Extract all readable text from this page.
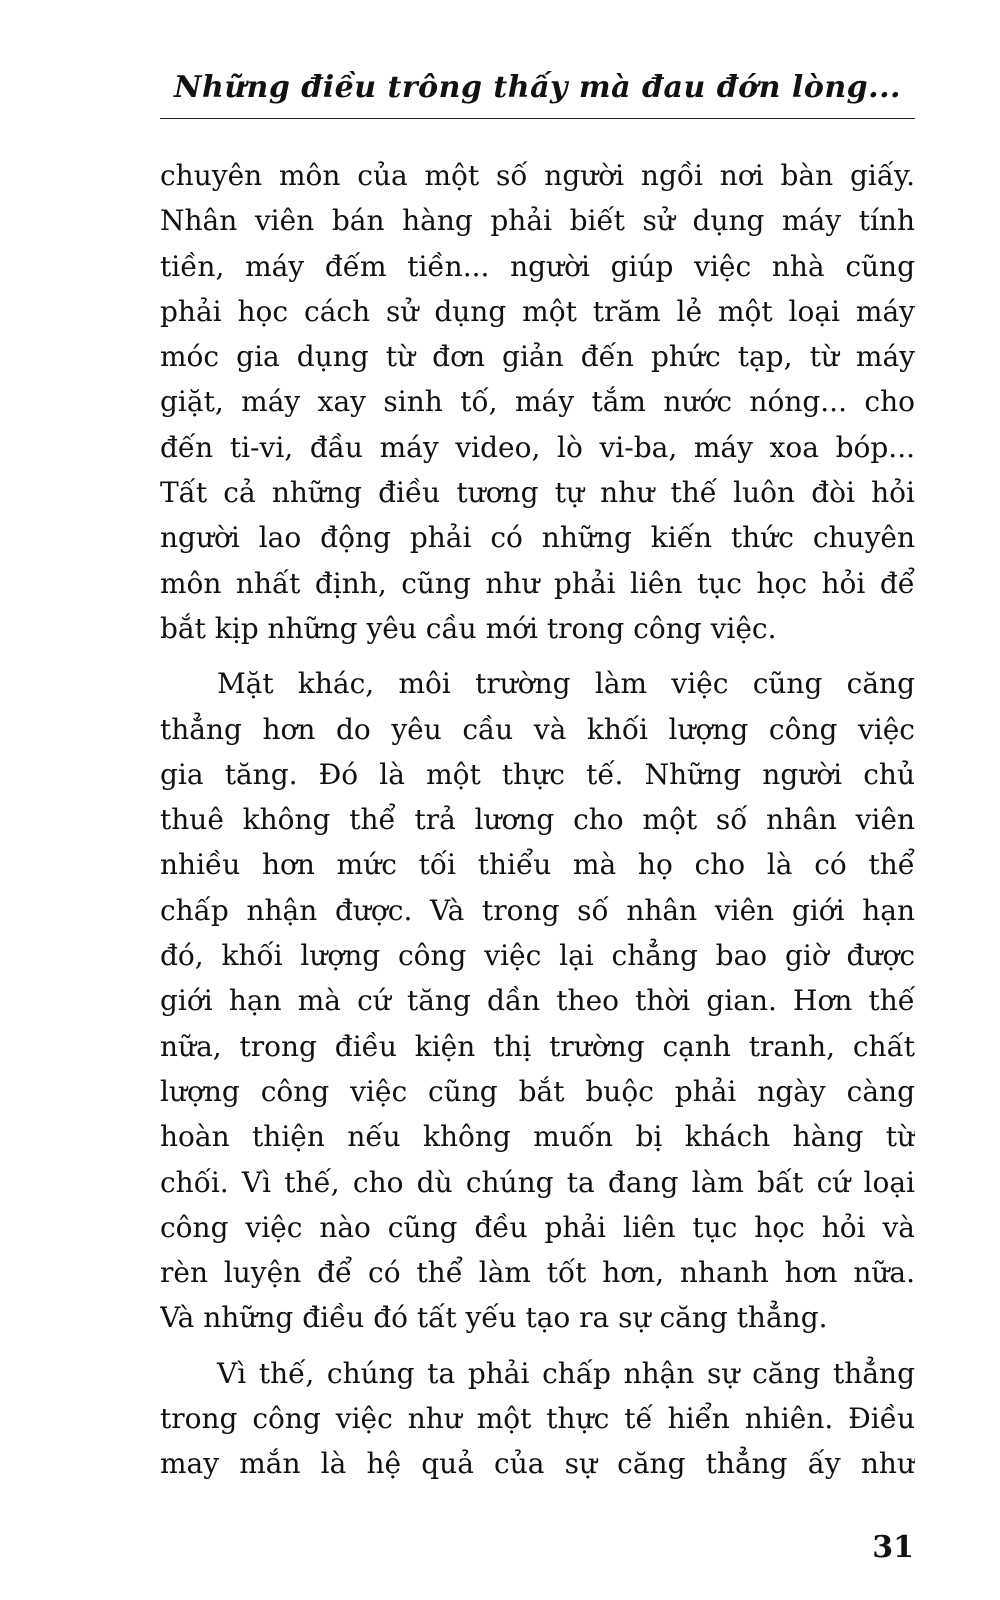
Những điều trông thấy mà đau đớn lòng...

chuyên môn của một số người ngồi nơi bàn giấy.
Nhân viên bán hàng phải biết sử dụng máy tính
tiền, máy đếm tiền... người giúp việc nhà cũng
phải học cách sử dụng một trăm lẻ một loại máy
móc gia dụng từ đơn giản đến phức tạp, từ máy
giặt, máy xay sinh tố, máy tắm nước nóng... cho
đến ti-vi, đầu máy video, lò vi-ba, máy xoa bóp...
Tất cả những điều tương tự như thế luôn đòi hỏi
người lao động phải có những kiến thức chuyên
môn nhất định, cũng như phải liên tục học hỏi để
bắt kịp những yêu cầu mới trong công việc.

Mặt khác, môi trường làm việc cũng căng
thẳng hơn do yêu cầu và khối lượng công việc
gia tăng. Đó là một thực tế. Những người chủ
thuê không thể trả lương cho một số nhân viên
nhiều hơn mức tối thiểu mà họ cho là có thể
chấp nhận được. Và trong số nhân viên giới hạn
đó, khối lượng công việc lại chẳng bao giờ được
giới hạn mà cứ tăng dần theo thời gian. Hơn thế
nữa, trong điều kiện thị trường cạnh tranh, chất
lượng công việc cũng bắt buộc phải ngày càng
hoàn thiện nếu không muốn bị khách hàng từ
chối. Vì thế, cho dù chúng ta đang làm bất cứ loại
công việc nào cũng đều phải liên tục học hỏi và
rèn luyện để có thể làm tốt hơn, nhanh hơn nữa.
Và những điều đó tất yếu tạo ra sự căng thẳng.

Vì thế, chúng ta phải chấp nhận sự căng thẳng
trong công việc như một thực tế hiển nhiên. Điều
may mắn là hệ quả của sự căng thẳng ấy như

31
